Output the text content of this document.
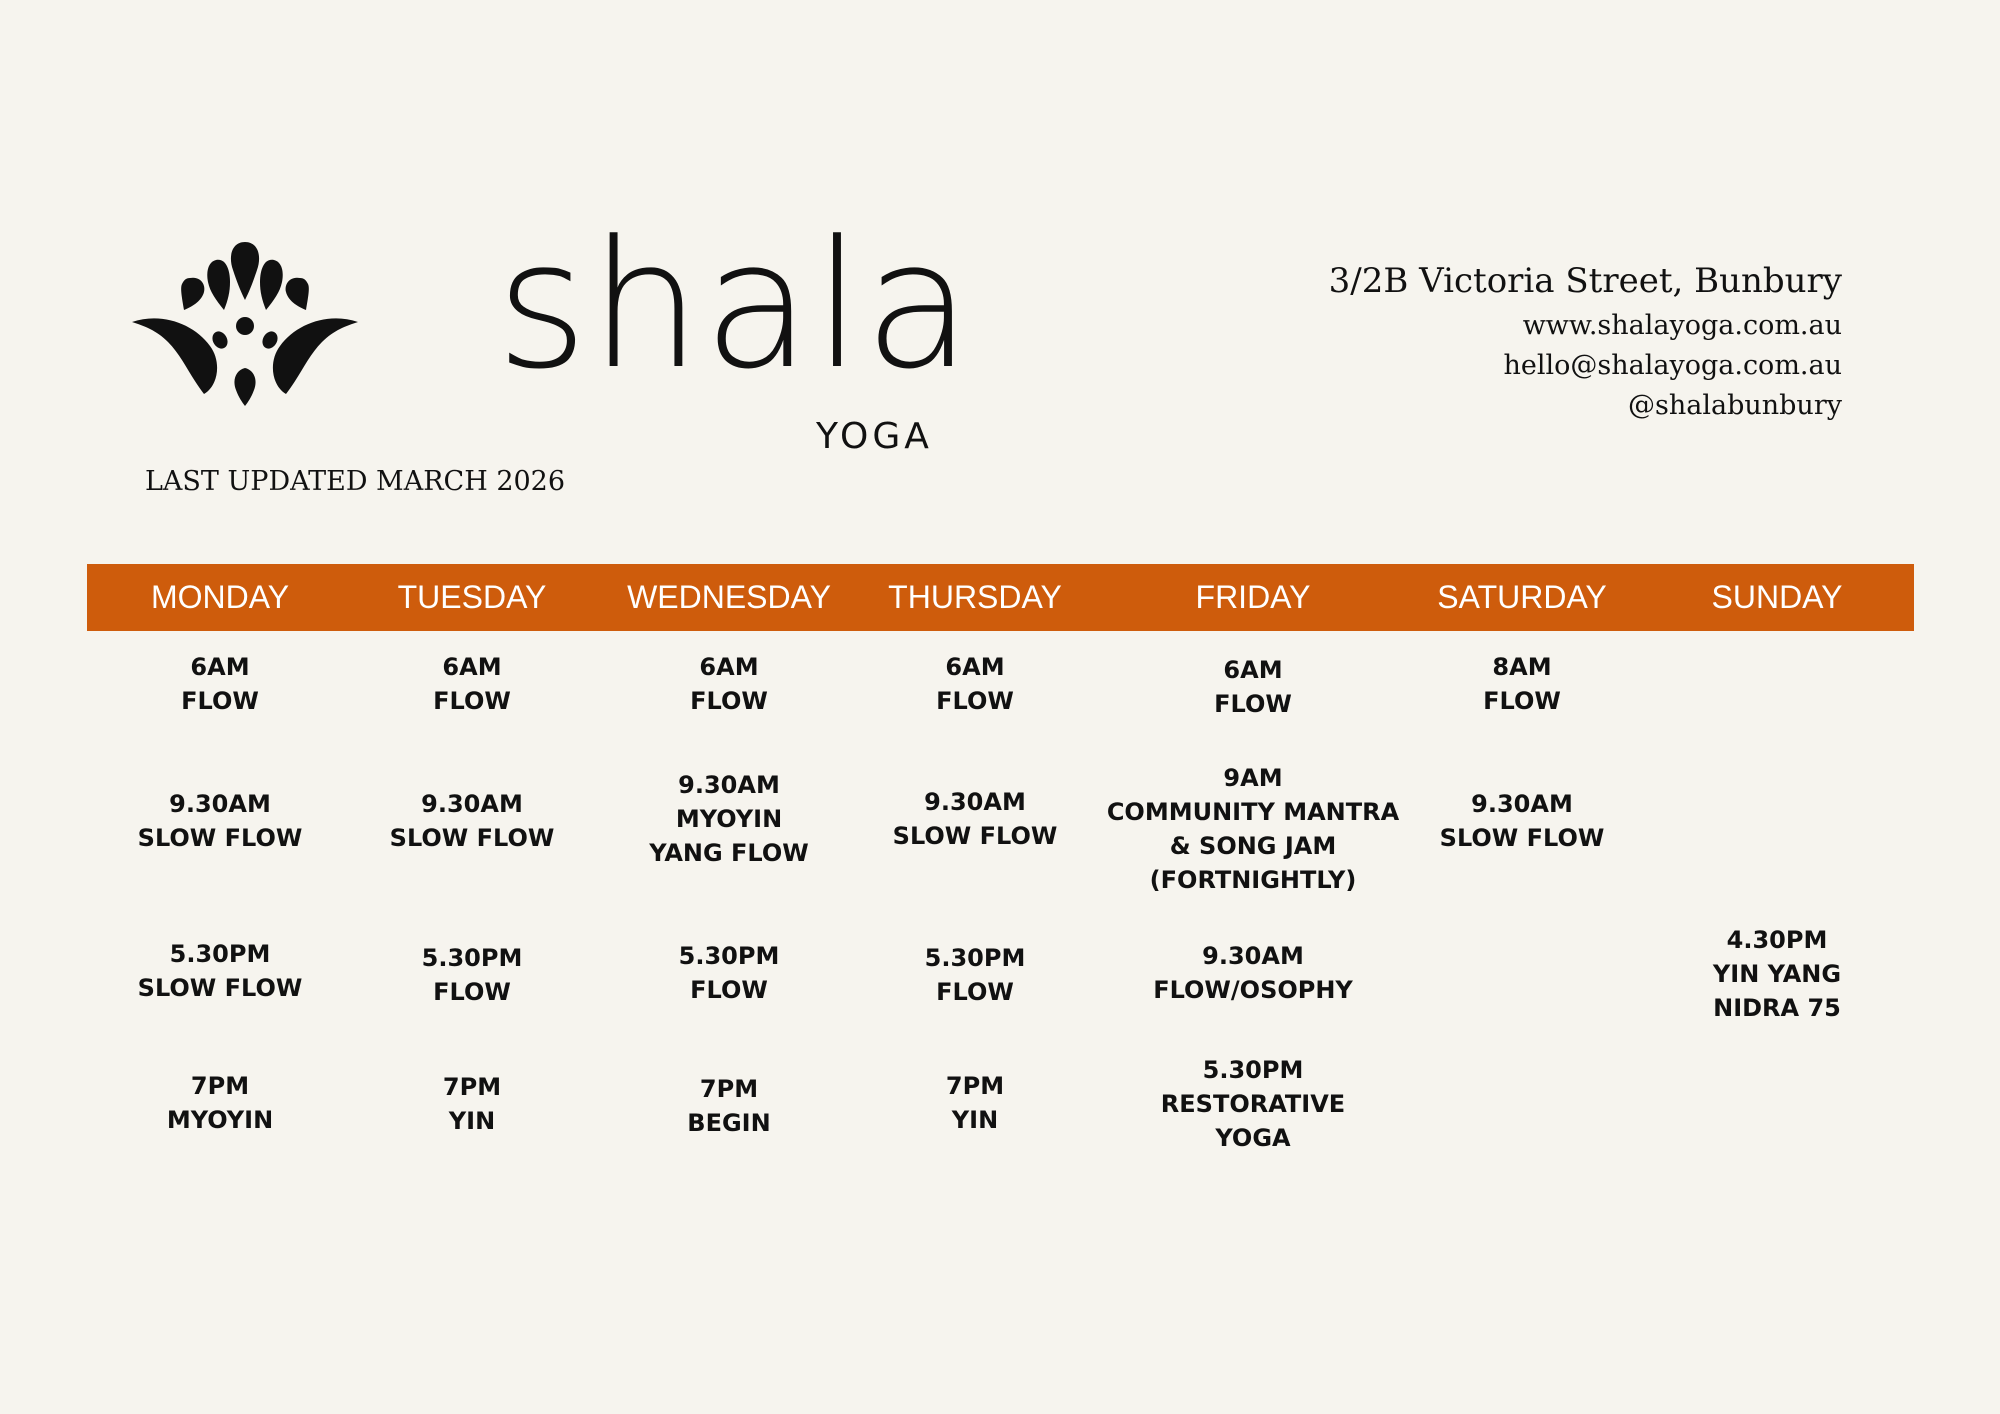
shala
YOGA
LAST UPDATED MARCH 2026
3/2B Victoria Street, Bunbury
www.shalayoga.com.au
hello@shalayoga.com.au
@shalabunbury
MONDAY
6AM
FLOW
9.30AM
SLOW FLOW
5.30PM
SLOW FLOW
7PM
MYOYIN
TUESDAY
6AM
FLOW
9.30AM
SLOW FLOW
5.30PM
FLOW
7PM
YIN
WEDNESDAY
6AM
FLOW
9.30AM
MYOYIN
YANG FLOW
5.30PM
FLOW
7PM
BEGIN
THURSDAY
6AM
FLOW
9.30AM
SLOW FLOW
5.30PM
FLOW
7PM
YIN
FRIDAY
6AM
FLOW
9AM
COMMUNITY MANTRA
& SONG JAM
(FORTNIGHTLY)
9.30AM
FLOW/OSOPHY
5.30PM
RESTORATIVE
YOGA
SATURDAY
8AM
FLOW
9.30AM
SLOW FLOW
SUNDAY
4.30PM
YIN YANG
NIDRA 75
